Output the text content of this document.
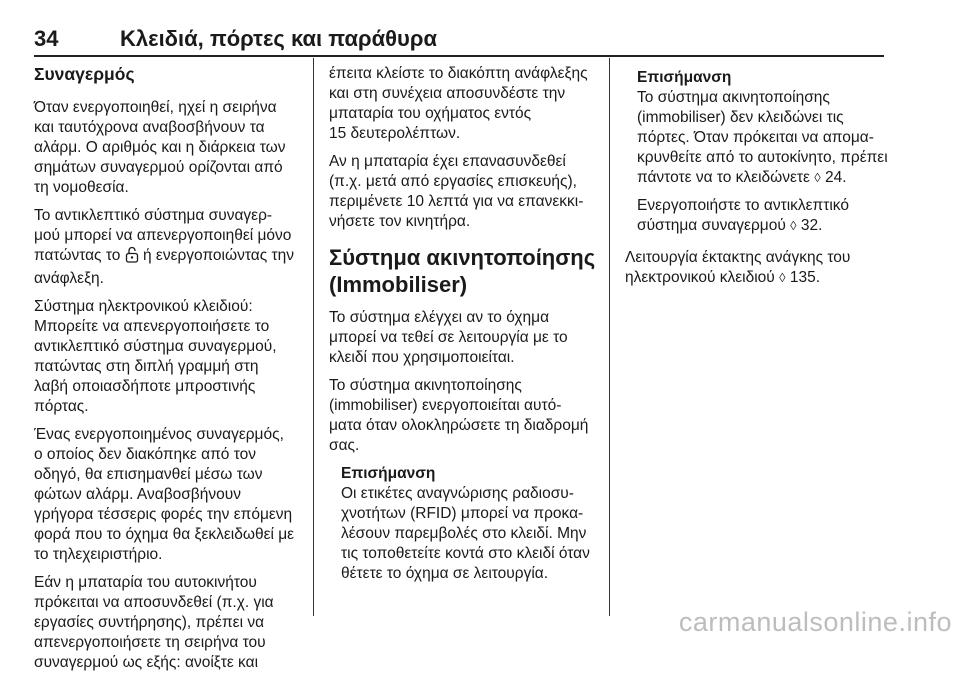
34	Κλειδιά, πόρτες και παράθυρα
Συναγερμός

Όταν ενεργοποιηθεί, ηχεί η σειρήνα
και ταυτόχρονα αναβοσβήνουν τα
αλάρμ. Ο αριθμός και η διάρκεια των
σημάτων συναγερμού ορίζονται από
τη νομοθεσία.

Το αντικλεπτικό σύστημα συναγερ-
μού μπορεί να απενεργοποιηθεί μόνο
πατώντας το ή ενεργοποιώντας την
ανάφλεξη.

Σύστημα ηλεκτρονικού κλειδιού:
Μπορείτε να απενεργοποιήσετε το
αντικλεπτικό σύστημα συναγερμού,
πατώντας στη διπλή γραμμή στη
λαβή οποιασδήποτε μπροστινής
πόρτας.

Ένας ενεργοποιημένος συναγερμός,
ο οποίος δεν διακόπηκε από τον
οδηγό, θα επισημανθεί μέσω των
φώτων αλάρμ. Αναβοσβήνουν
γρήγορα τέσσερις φορές την επόμενη
φορά που το όχημα θα ξεκλειδωθεί με
το τηλεχειριστήριο.

Εάν η μπαταρία του αυτοκινήτου
πρόκειται να αποσυνδεθεί (π.χ. για
εργασίες συντήρησης), πρέπει να
απενεργοποιήσετε τη σειρήνα του
συναγερμού ως εξής: ανοίξτε και

έπειτα κλείστε το διακόπτη ανάφλεξης
και στη συνέχεια αποσυνδέστε την
μπαταρία του οχήματος εντός
15 δευτερολέπτων.

Αν η μπαταρία έχει επανασυνδεθεί
(π.χ. μετά από εργασίες επισκευής),
περιμένετε 10 λεπτά για να επανεκκι-
νήσετε τον κινητήρα.

Σύστημα ακινητοποίησης
(Immobiliser)

Το σύστημα ελέγχει αν το όχημα
μπορεί να τεθεί σε λειτουργία με το
κλειδί που χρησιμοποιείται.

Το σύστημα ακινητοποίησης
(immobiliser) ενεργοποιείται αυτό-
ματα όταν ολοκληρώσετε τη διαδρομή
σας.

Επισήμανση

Οι ετικέτες αναγνώρισης ραδιοσυ-
χνοτήτων (RFID) μπορεί να προκα-
λέσουν παρεμβολές στο κλειδί. Μην
τις τοποθετείτε κοντά στο κλειδί όταν
θέτετε το όχημα σε λειτουργία.

Επισήμανση

Το σύστημα ακινητοποίησης
(immobiliser) δεν κλειδώνει τις
πόρτες. Όταν πρόκειται να απομα-
κρυνθείτε από το αυτοκίνητο, πρέπει
πάντοτε να το κλειδώνετε ◊ 24.

Ενεργοποιήστε το αντικλεπτικό
σύστημα συναγερμού ◊ 32.

Λειτουργία έκτακτης ανάγκης του
ηλεκτρονικού κλειδιού ◊ 135.

carmanualsonline.info
